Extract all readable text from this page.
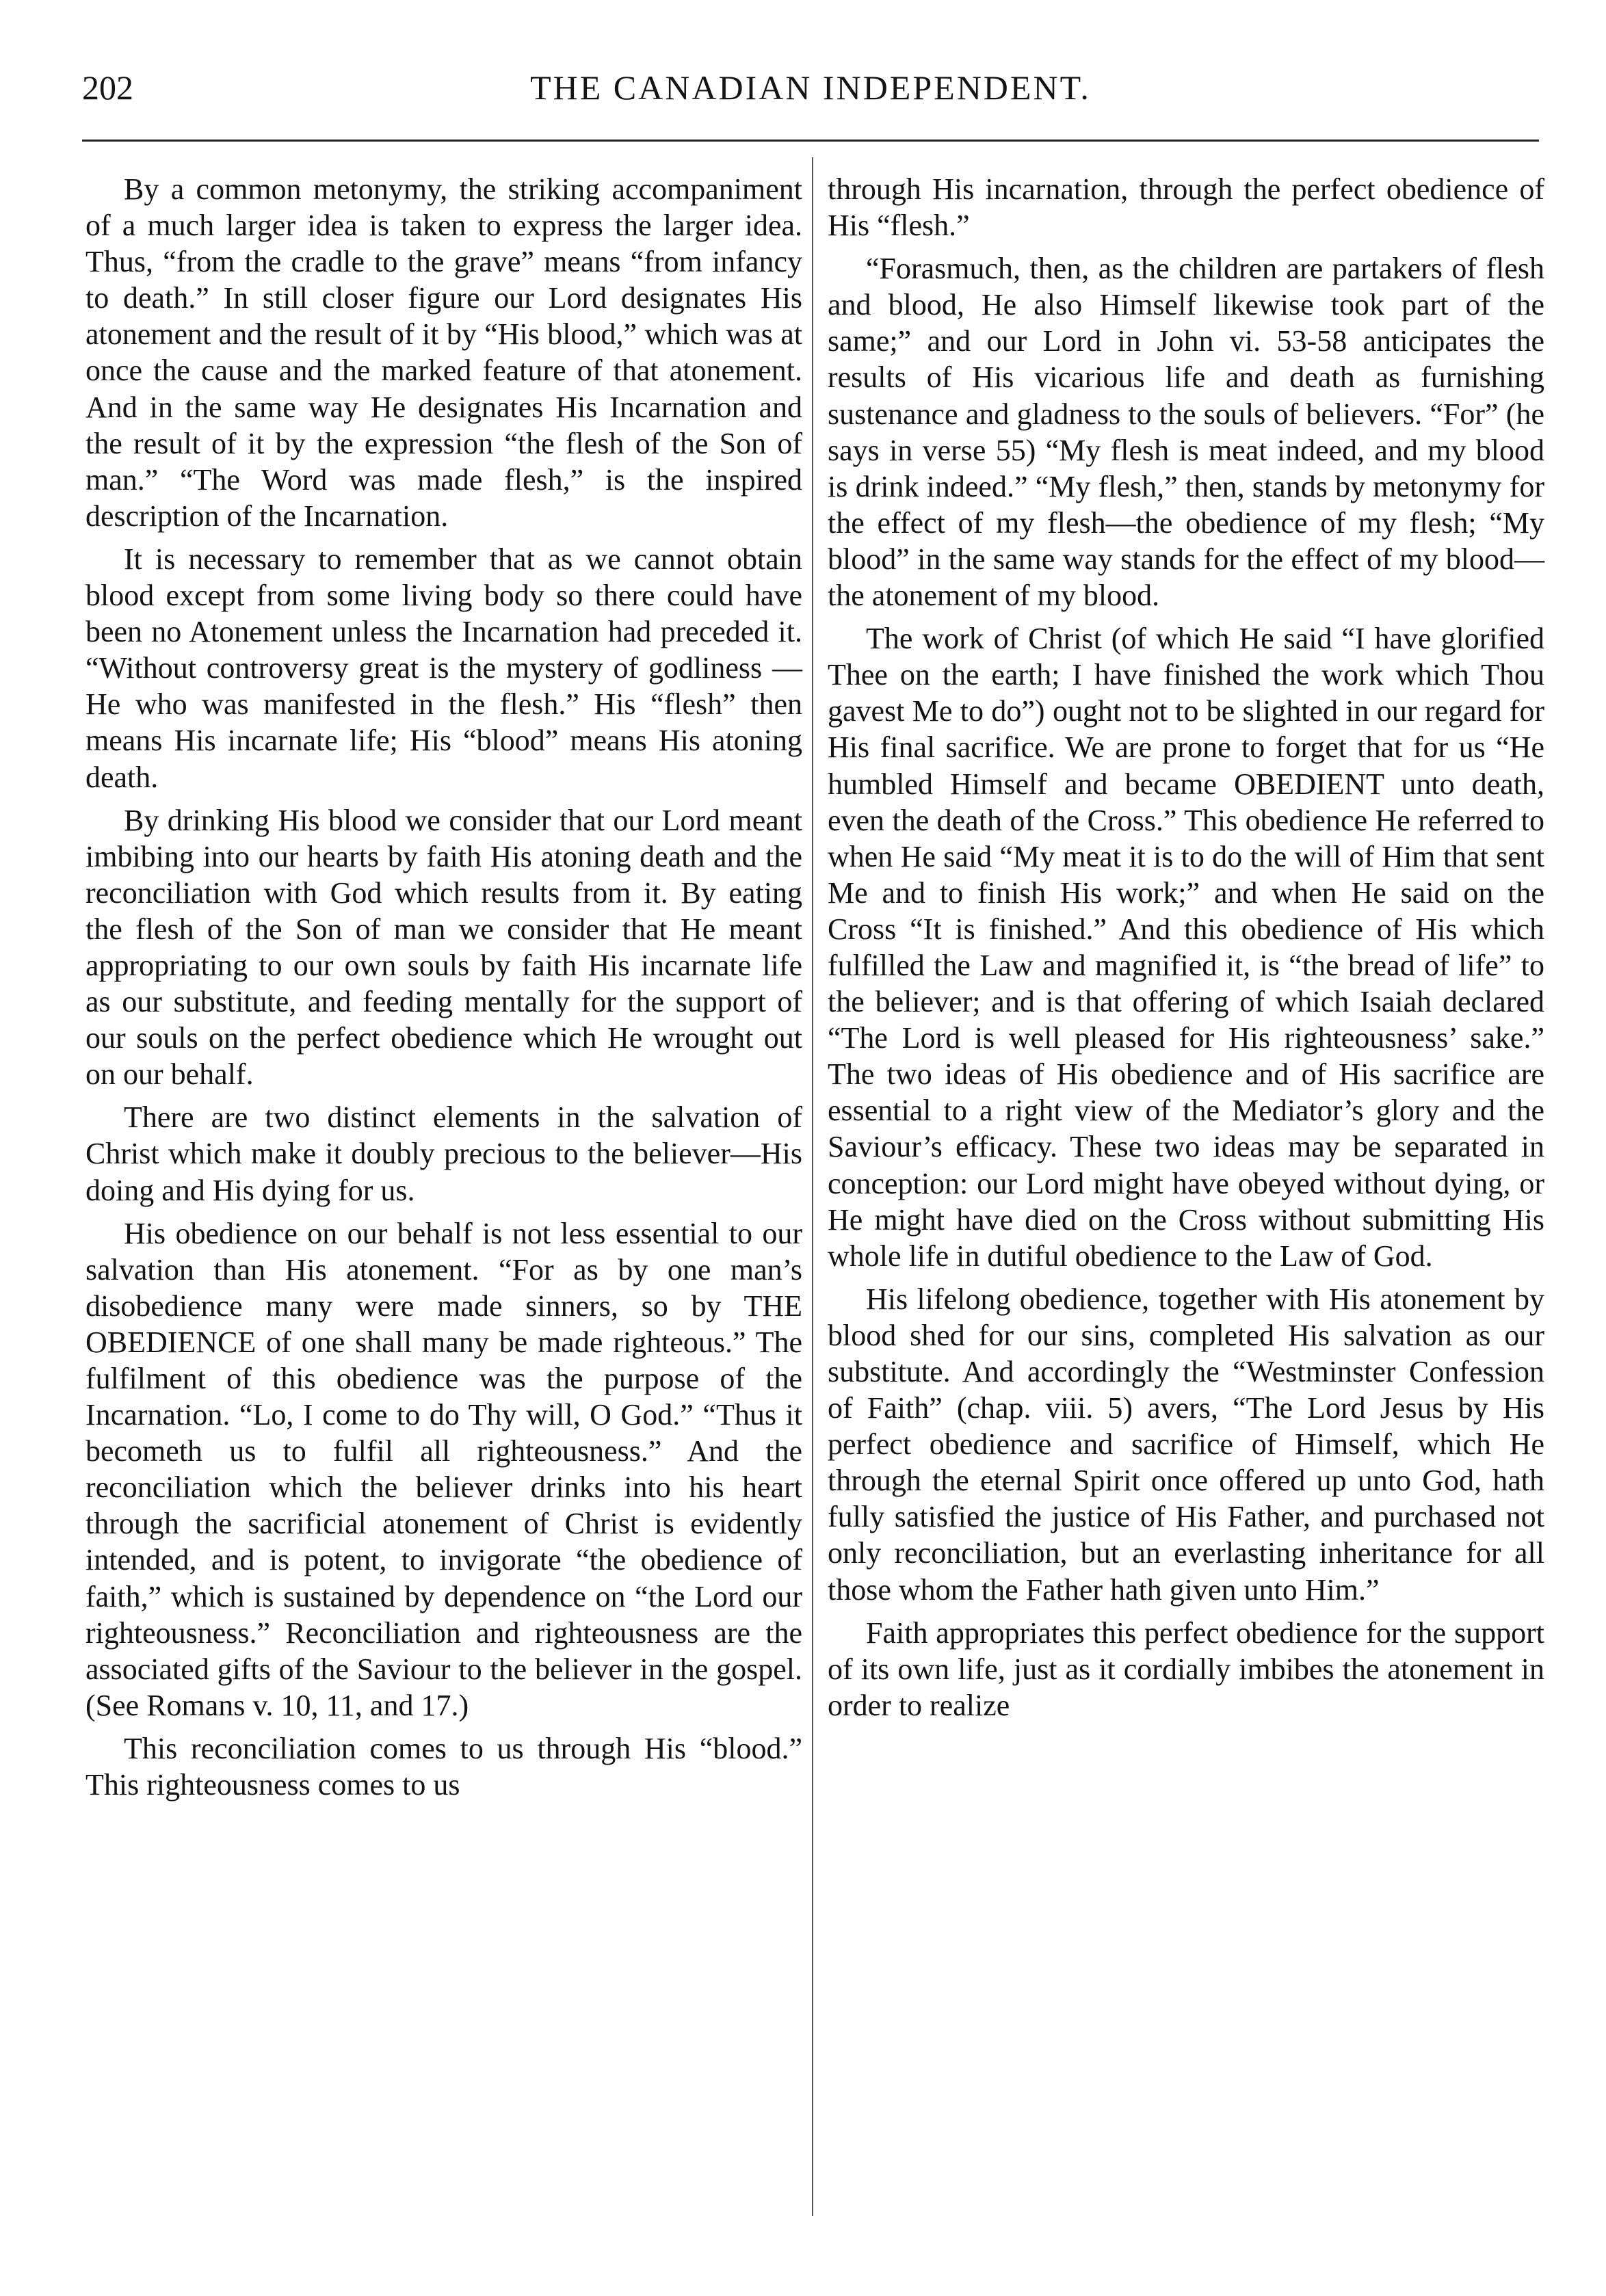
202	THE CANADIAN INDEPENDENT.

By a common metonymy, the striking accompaniment of a much larger idea is taken to express the larger idea. Thus, “from the cradle to the grave” means “from infancy to death.” In still closer figure our Lord designates His atonement and the result of it by “His blood,” which was at once the cause and the marked feature of that atonement. And in the same way He designates His Incarnation and the result of it by the expression “the flesh of the Son of man.” “The Word was made flesh,” is the inspired description of the Incarnation.

It is necessary to remember that as we cannot obtain blood except from some living body so there could have been no Atonement unless the Incarnation had preceded it. “Without controversy great is the mystery of godliness —He who was manifested in the flesh.” His “flesh” then means His incarnate life; His “blood” means His atoning death.

By drinking His blood we consider that our Lord meant imbibing into our hearts by faith His atoning death and the reconciliation with God which results from it. By eating the flesh of the Son of man we consider that He meant appropriating to our own souls by faith His incarnate life as our substitute, and feeding mentally for the support of our souls on the perfect obedience which He wrought out on our behalf.

There are two distinct elements in the salvation of Christ which make it doubly precious to the believer—His doing and His dying for us.

His obedience on our behalf is not less essential to our salvation than His atonement. “For as by one man’s disobedience many were made sinners, so by THE OBEDIENCE of one shall many be made righteous.” The fulfilment of this obedience was the purpose of the Incarnation. “Lo, I come to do Thy will, O God.” “Thus it becometh us to fulfil all righteousness.” And the reconciliation which the believer drinks into his heart through the sacrificial atonement of Christ is evidently intended, and is potent, to invigorate “the obedience of faith,” which is sustained by dependence on “the Lord our righteousness.” Reconciliation and righteousness are the associated gifts of the Saviour to the believer in the gospel. (See Romans v. 10, 11, and 17.)

This reconciliation comes to us through His “blood.” This righteousness comes to us

through His incarnation, through the perfect obedience of His “flesh.”

“Forasmuch, then, as the children are partakers of flesh and blood, He also Himself likewise took part of the same;” and our Lord in John vi. 53-58 anticipates the results of His vicarious life and death as furnishing sustenance and gladness to the souls of believers. “For” (he says in verse 55) “My flesh is meat indeed, and my blood is drink indeed.” “My flesh,” then, stands by metonymy for the effect of my flesh—the obedience of my flesh; “My blood” in the same way stands for the effect of my blood—the atonement of my blood.

The work of Christ (of which He said “I have glorified Thee on the earth; I have finished the work which Thou gavest Me to do”) ought not to be slighted in our regard for His final sacrifice. We are prone to forget that for us “He humbled Himself and became OBEDIENT unto death, even the death of the Cross.” This obedience He referred to when He said “My meat it is to do the will of Him that sent Me and to finish His work;” and when He said on the Cross “It is finished.” And this obedience of His which fulfilled the Law and magnified it, is “the bread of life” to the believer; and is that offering of which Isaiah declared “The Lord is well pleased for His righteousness’ sake.” The two ideas of His obedience and of His sacrifice are essential to a right view of the Mediator’s glory and the Saviour’s efficacy. These two ideas may be separated in conception: our Lord might have obeyed without dying, or He might have died on the Cross without submitting His whole life in dutiful obedience to the Law of God.

His lifelong obedience, together with His atonement by blood shed for our sins, completed His salvation as our substitute. And accordingly the “Westminster Confession of Faith” (chap. viii. 5) avers, “The Lord Jesus by His perfect obedience and sacrifice of Himself, which He through the eternal Spirit once offered up unto God, hath fully satisfied the justice of His Father, and purchased not only reconciliation, but an everlasting inheritance for all those whom the Father hath given unto Him.”

Faith appropriates this perfect obedience for the support of its own life, just as it cordially imbibes the atonement in order to realize
